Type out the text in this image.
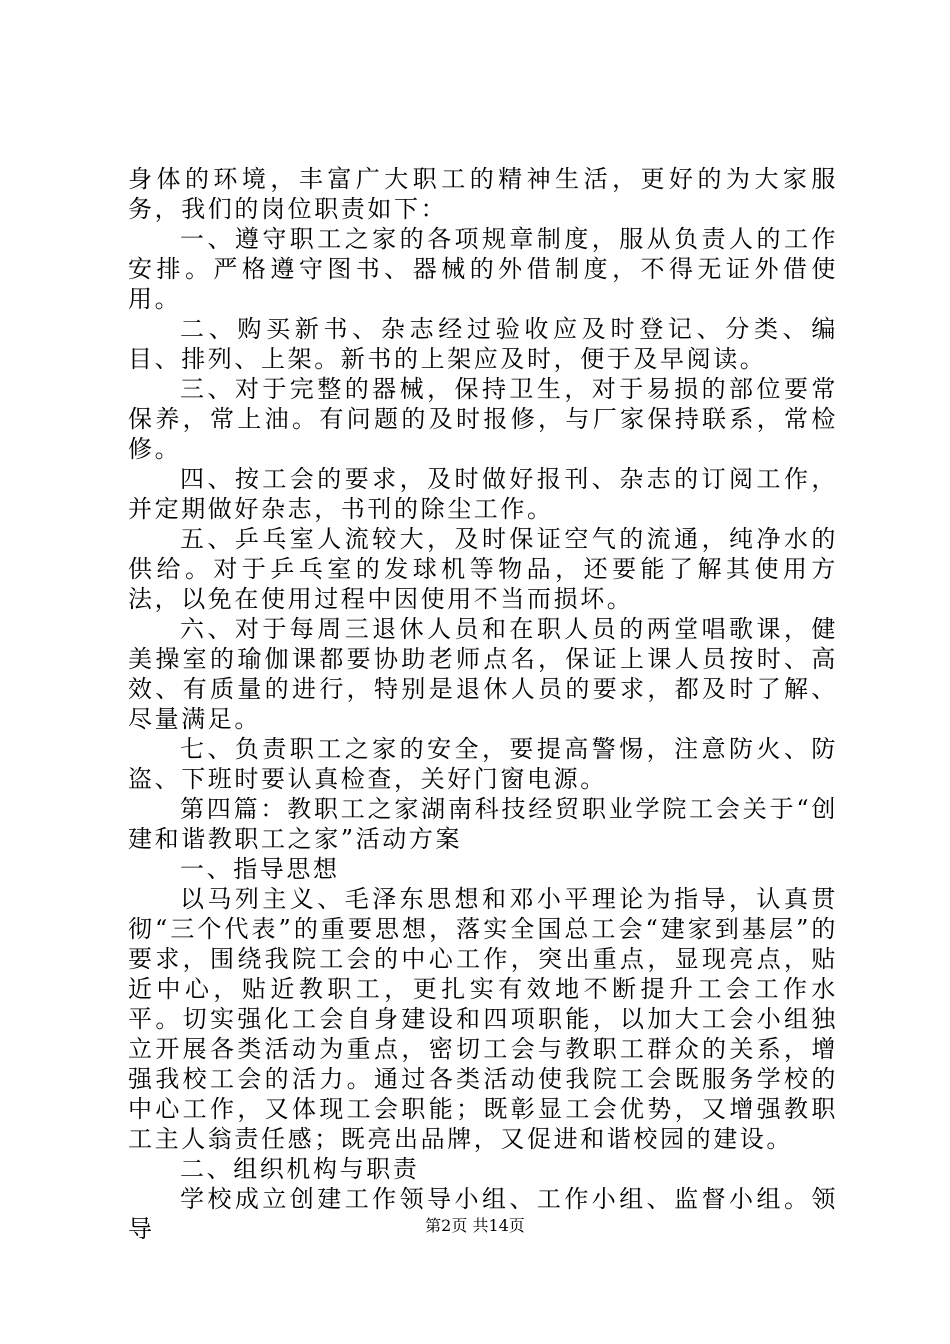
身体的环境，丰富广大职工的精神生活，更好的为大家服务，我们的岗位职责如下：

一、遵守职工之家的各项规章制度，服从负责人的工作安排。严格遵守图书、器械的外借制度，不得无证外借使用。

二、购买新书、杂志经过验收应及时登记、分类、编目、排列、上架。新书的上架应及时，便于及早阅读。

三、对于完整的器械，保持卫生，对于易损的部位要常保养，常上油。有问题的及时报修，与厂家保持联系，常检修。

四、按工会的要求，及时做好报刊、杂志的订阅工作，并定期做好杂志，书刊的除尘工作。

五、乒乓室人流较大，及时保证空气的流通，纯净水的供给。对于乒乓室的发球机等物品，还要能了解其使用方法，以免在使用过程中因使用不当而损坏。

六、对于每周三退休人员和在职人员的两堂唱歌课，健美操室的瑜伽课都要协助老师点名，保证上课人员按时、高效、有质量的进行，特别是退休人员的要求，都及时了解、尽量满足。

七、负责职工之家的安全，要提高警惕，注意防火、防盗、下班时要认真检查，关好门窗电源。

第四篇：教职工之家湖南科技经贸职业学院工会关于“创建和谐教职工之家”活动方案

一、指导思想

以马列主义、毛泽东思想和邓小平理论为指导，认真贯彻“三个代表”的重要思想，落实全国总工会“建家到基层”的要求，围绕我院工会的中心工作，突出重点，显现亮点，贴近中心，贴近教职工，更扎实有效地不断提升工会工作水平。切实强化工会自身建设和四项职能，以加大工会小组独立开展各类活动为重点，密切工会与教职工群众的关系，增强我校工会的活力。通过各类活动使我院工会既服务学校的中心工作，又体现工会职能；既彰显工会优势，又增强教职工主人翁责任感；既亮出品牌，又促进和谐校园的建设。

二、组织机构与职责

学校成立创建工作领导小组、工作小组、监督小组。领导	第2页 共14页
